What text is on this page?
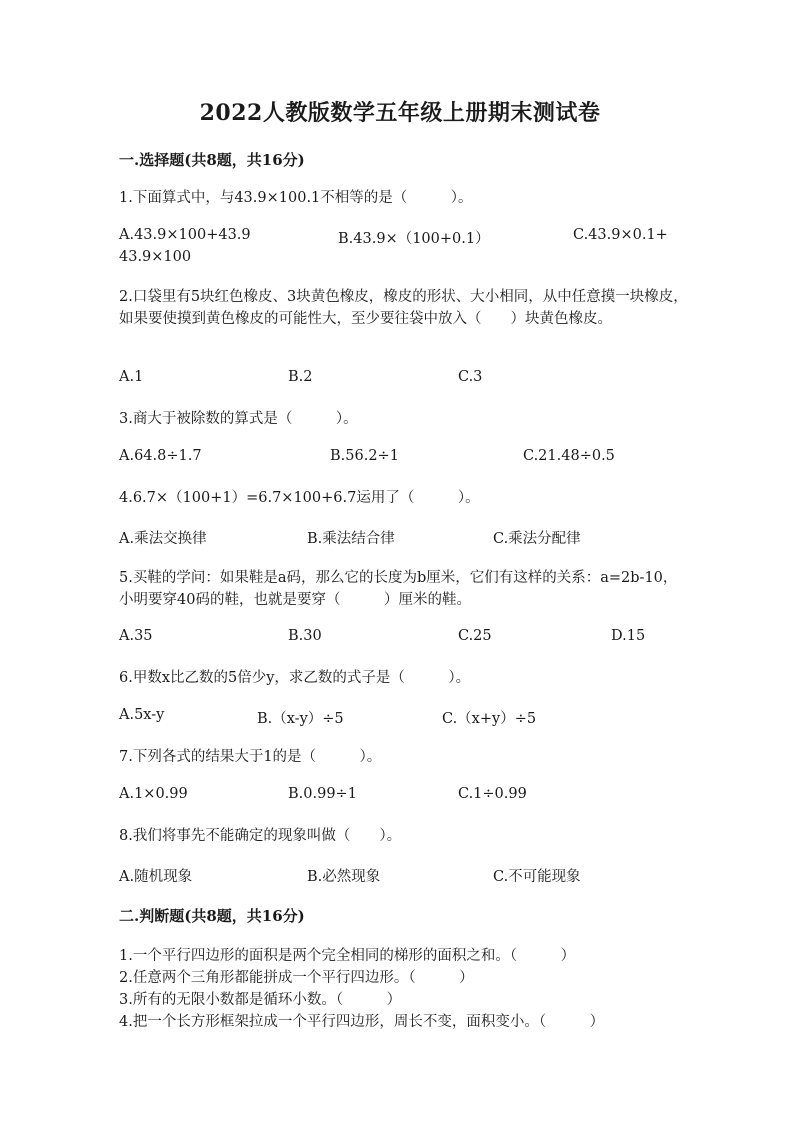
2022人教版数学五年级上册期末测试卷
一.选择题(共8题，共16分)
1.下面算式中，与43.9×100.1不相等的是（　　　）。
A.43.9×100+43.9	B.43.9×（100+0.1）	C.43.9×0.1+
43.9×100
2.口袋里有5块红色橡皮、3块黄色橡皮，橡皮的形状、大小相同，从中任意摸一块橡皮，如果要使摸到黄色橡皮的可能性大，至少要往袋中放入（　　）块黄色橡皮。
A.1	B.2	C.3
3.商大于被除数的算式是（　　　）。
A.64.8÷1.7	B.56.2÷1	C.21.48÷0.5
4.6.7×（100+1）=6.7×100+6.7运用了（　　　）。
A.乘法交换律	B.乘法结合律	C.乘法分配律
5.买鞋的学问：如果鞋是a码，那么它的长度为b厘米，它们有这样的关系：a=2b-10，小明要穿40码的鞋，也就是要穿（　　　）厘米的鞋。
A.35	B.30	C.25	D.15
6.甲数x比乙数的5倍少y，求乙数的式子是（　　　）。
A.5x-y	B.（x-y）÷5	C.（x+y）÷5
7.下列各式的结果大于1的是（　　　）。
A.1×0.99	B.0.99÷1	C.1÷0.99
8.我们将事先不能确定的现象叫做（　　）。
A.随机现象	B.必然现象	C.不可能现象
二.判断题(共8题，共16分)
1.一个平行四边形的面积是两个完全相同的梯形的面积之和。（　　　）
2.任意两个三角形都能拼成一个平行四边形。（　　　）
3.所有的无限小数都是循环小数。（　　　）
4.把一个长方形框架拉成一个平行四边形，周长不变，面积变小。（　　　）
